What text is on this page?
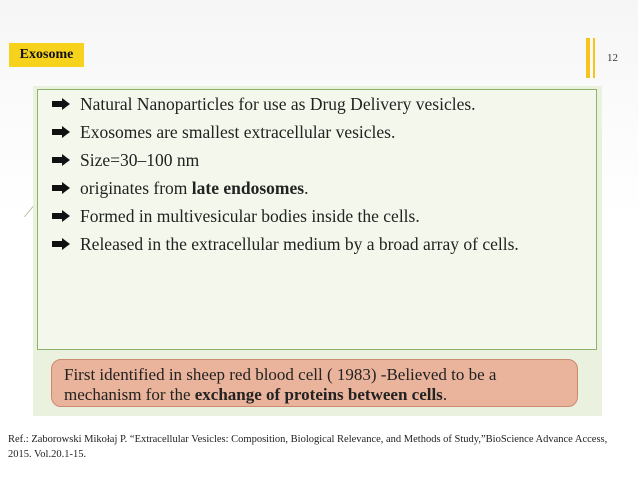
Exosome	12
Natural Nanoparticles for use as Drug Delivery vesicles.
Exosomes are smallest extracellular vesicles.
Size=30–100 nm
originates from late endosomes.
Formed in multivesicular bodies inside the cells.
Released in the extracellular medium by a broad array of cells.
First identified in sheep red blood cell ( 1983) -Believed to be a mechanism for the exchange of proteins between cells.
Ref.: Zaborowski Mikołaj P. “Extracellular Vesicles: Composition, Biological Relevance, and Methods of Study,”BioScience Advance Access, 2015. Vol.20.1-15.
